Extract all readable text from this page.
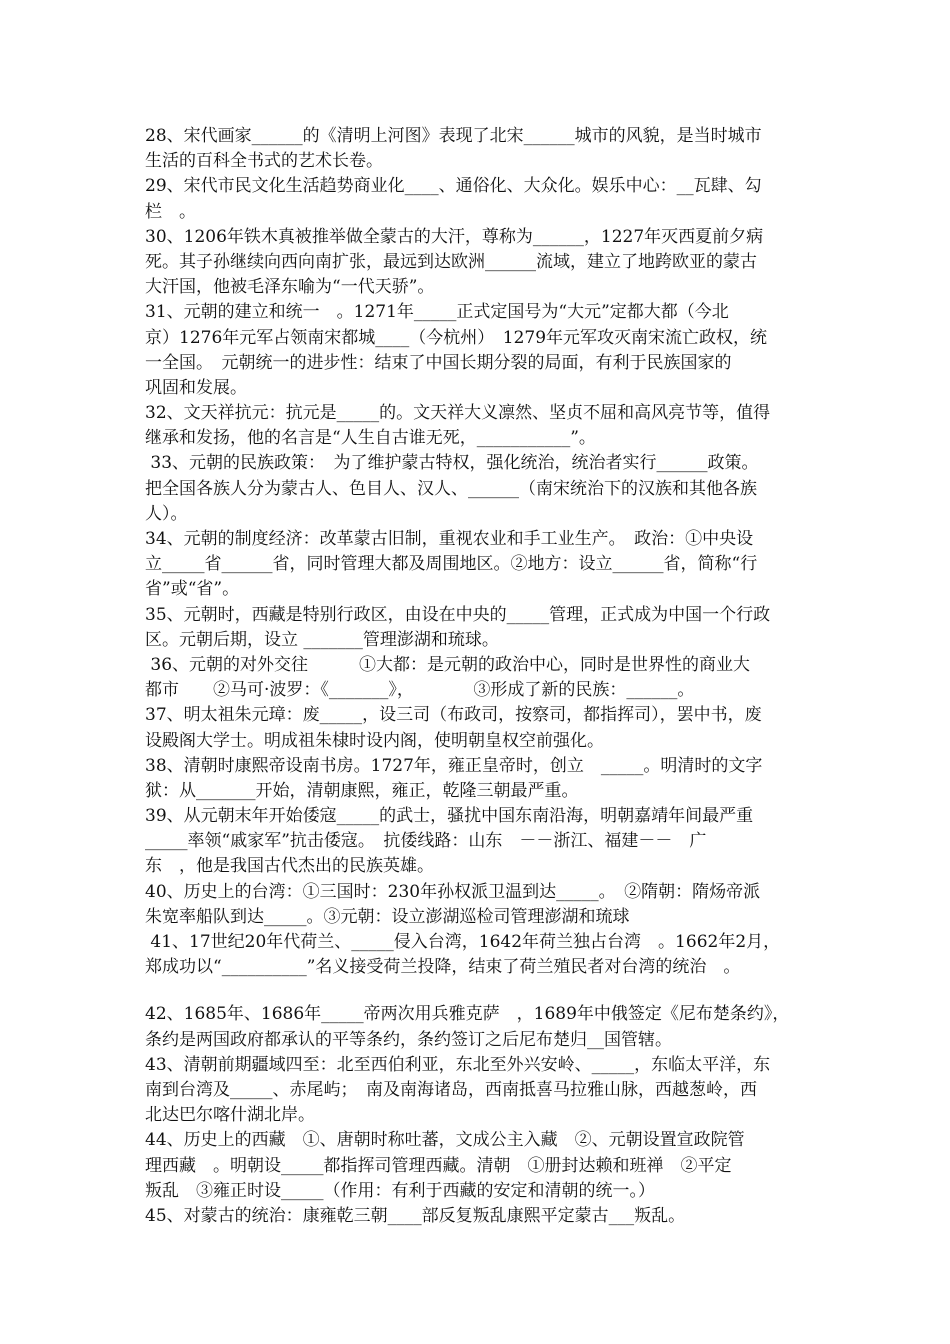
28、宋代画家______的《清明上河图》表现了北宋______城市的风貌，是当时城市
生活的百科全书式的艺术长卷。
29、宋代市民文化生活趋势商业化____、通俗化、大众化。娱乐中心：__瓦肆、勾
栏　。
30、1206年铁木真被推举做全蒙古的大汗，尊称为______，1227年灭西夏前夕病
死。其子孙继续向西向南扩张，最远到达欧洲______流域，建立了地跨欧亚的蒙古
大汗国，他被毛泽东喻为“一代天骄”。
31、元朝的建立和统一　。1271年_____正式定国号为“大元”定都大都（今北
京）1276年元军占领南宋都城____（今杭州）　1279年元军攻灭南宋流亡政权，统
一全国。　元朝统一的进步性：结束了中国长期分裂的局面，有利于民族国家的
巩固和发展。
32、文天祥抗元：抗元是_____的。文天祥大义凛然、坚贞不屈和高风亮节等，值得
继承和发扬，他的名言是“人生自古谁无死，___________”。
33、元朝的民族政策：　为了维护蒙古特权，强化统治，统治者实行______政策。
把全国各族人分为蒙古人、色目人、汉人、______（南宋统治下的汉族和其他各族
人）。
34、元朝的制度经济：改革蒙古旧制，重视农业和手工业生产。　政治：①中央设
立_____省______省，同时管理大都及周围地区。②地方：设立______省，简称“行
省”或“省”。
35、元朝时，西藏是特别行政区，由设在中央的_____管理，正式成为中国一个行政
区。元朝后期，设立 _______管理澎湖和琉球。
36、元朝的对外交往　　　①大都：是元朝的政治中心，同时是世界性的商业大
都市　　②马可·波罗：《_______》，　　　　③形成了新的民族：______。
37、明太祖朱元璋：废_____，设三司（布政司，按察司，都指挥司），罢中书，废
设殿阁大学士。明成祖朱棣时设内阁，使明朝皇权空前强化。
38、清朝时康熙帝设南书房。1727年，雍正皇帝时，创立　_____。明清时的文字
狱：从_______开始，清朝康熙，雍正，乾隆三朝最严重。
39、从元朝末年开始倭寇_____的武士，骚扰中国东南沿海，明朝嘉靖年间最严重
_____率领“戚家军”抗击倭寇。　抗倭线路：山东　－－浙江、福建－－　广
东　，他是我国古代杰出的民族英雄。
40、历史上的台湾：①三国时：230年孙权派卫温到达_____。　②隋朝：隋炀帝派
朱宽率船队到达_____。③元朝：设立澎湖巡检司管理澎湖和琉球
41、17世纪20年代荷兰、_____侵入台湾，1642年荷兰独占台湾　。1662年2月，
郑成功以“__________”名义接受荷兰投降，结束了荷兰殖民者对台湾的统治　。
42、1685年、1686年_____帝两次用兵雅克萨　，1689年中俄签定《尼布楚条约》，
条约是两国政府都承认的平等条约，条约签订之后尼布楚归__国管辖。
43、清朝前期疆域四至：北至西伯利亚，东北至外兴安岭、_____，东临太平洋，东
南到台湾及_____、赤尾屿；　南及南海诸岛，西南抵喜马拉雅山脉，西越葱岭，西
北达巴尔喀什湖北岸。
44、历史上的西藏　①、唐朝时称吐蕃，文成公主入藏　②、元朝设置宣政院管
理西藏　。明朝设_____都指挥司管理西藏。清朝　①册封达赖和班禅　②平定
叛乱　③雍正时设_____（作用：有利于西藏的安定和清朝的统一。）
45、对蒙古的统治：康雍乾三朝____部反复叛乱康熙平定蒙古___叛乱。
